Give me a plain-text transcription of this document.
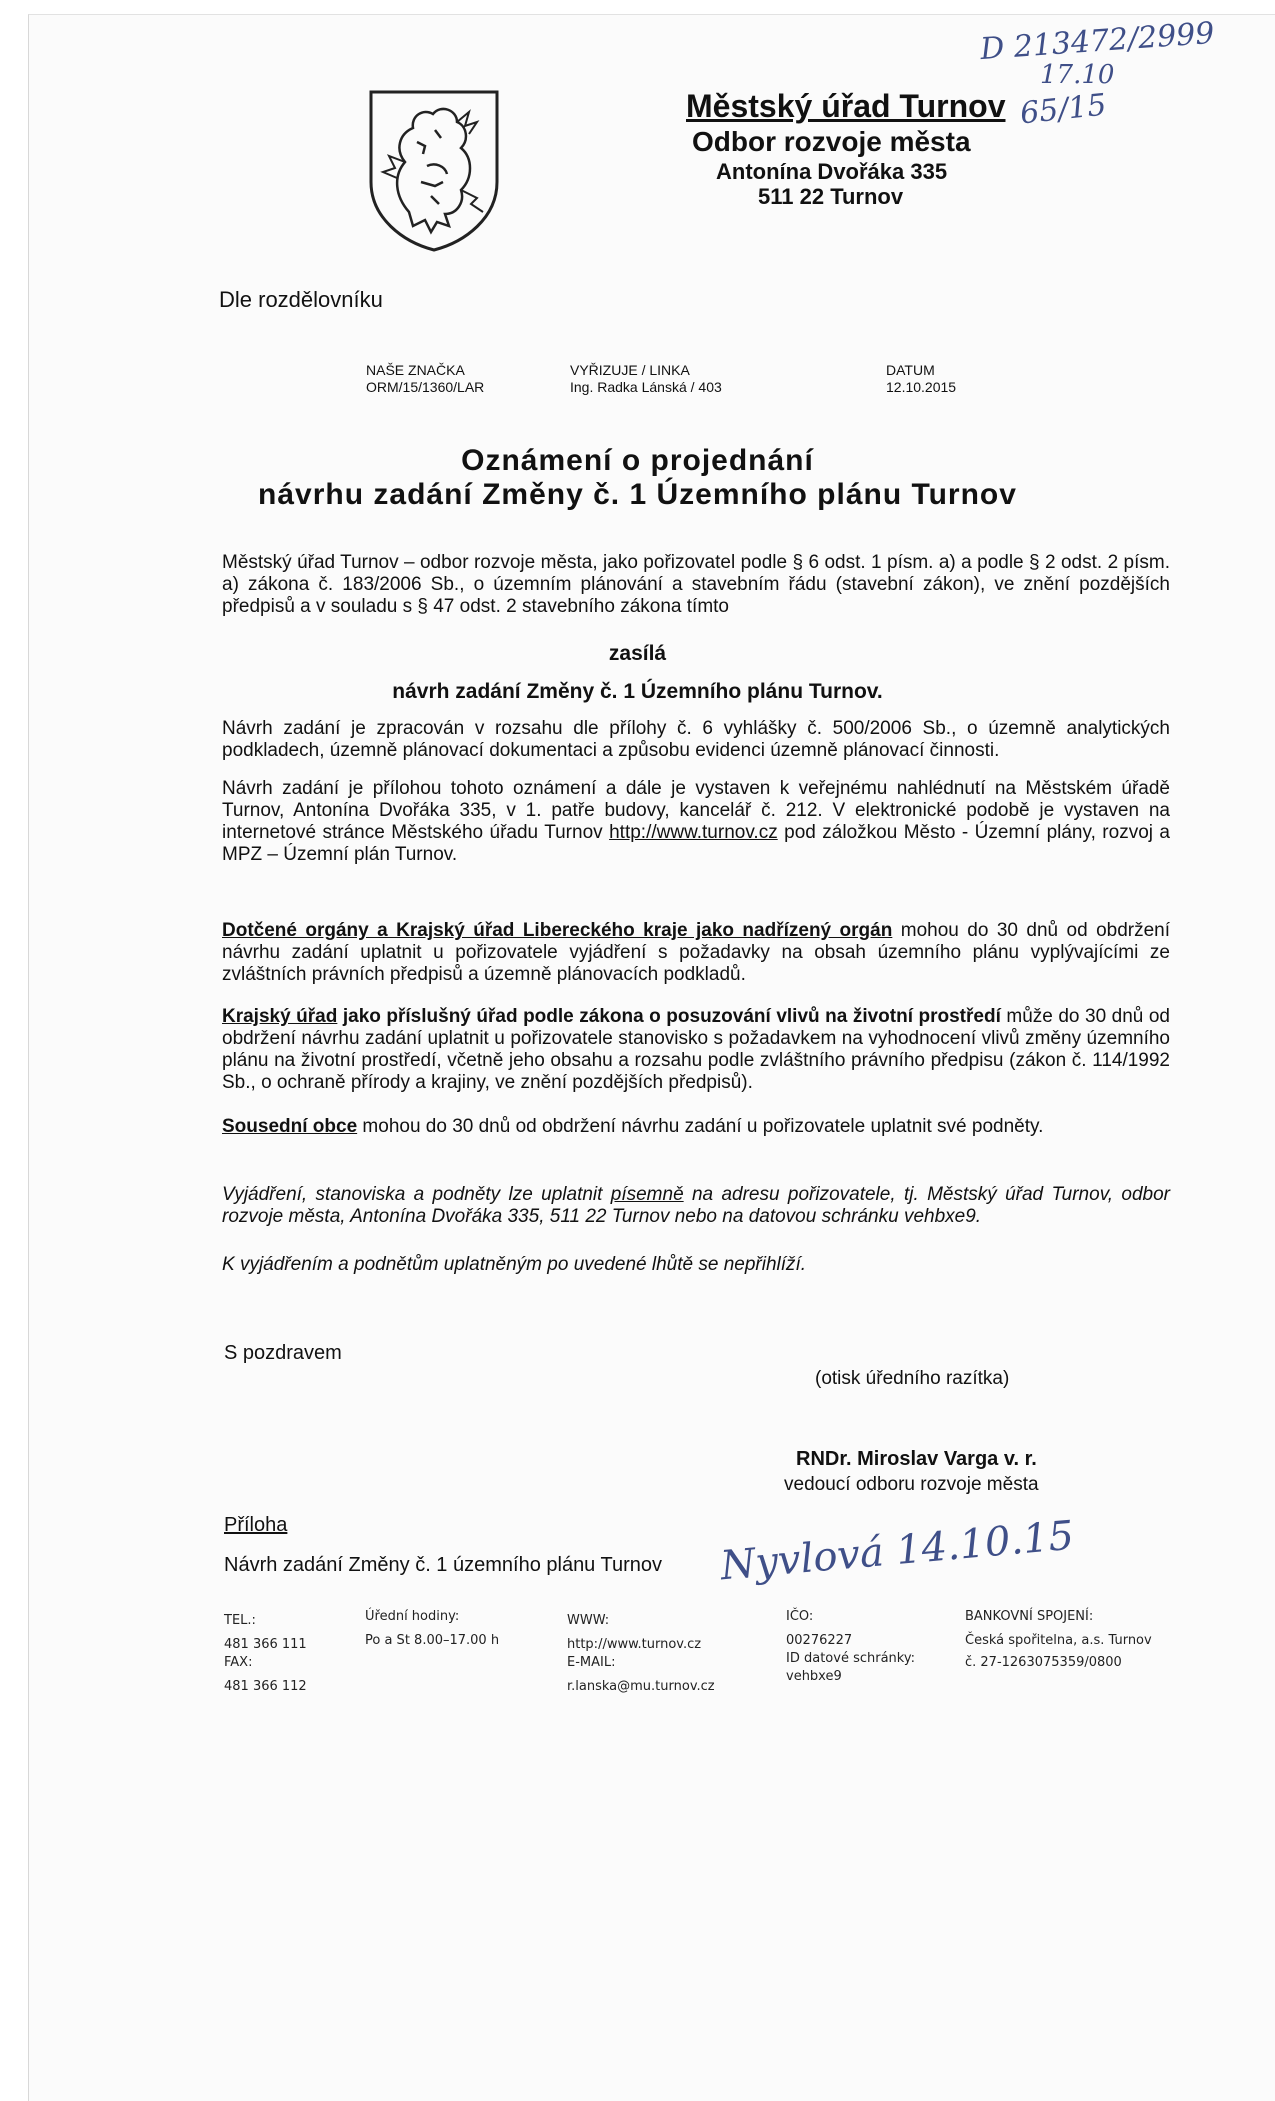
D 213472/2999
17.10
65/15
Městský úřad Turnov
Odbor rozvoje města
Antonína Dvořáka 335
511 22 Turnov
Dle rozdělovníku
NAŠE ZNAČKA
ORM/15/1360/LAR
VYŘIZUJE / LINKA
Ing. Radka Lánská / 403
DATUM
12.10.2015
Oznámení o projednání
návrhu zadání Změny č. 1 Územního plánu Turnov
Městský úřad Turnov – odbor rozvoje města, jako pořizovatel podle § 6 odst. 1 písm. a) a podle § 2 odst. 2 písm. a) zákona č. 183/2006 Sb., o územním plánování a stavebním řádu (stavební zákon), ve znění pozdějších předpisů a v souladu s § 47 odst. 2 stavebního zákona tímto
zasílá
návrh zadání Změny č. 1 Územního plánu Turnov.
Návrh zadání je zpracován v rozsahu dle přílohy č. 6 vyhlášky č. 500/2006 Sb., o územně analytických podkladech, územně plánovací dokumentaci a způsobu evidenci územně plánovací činnosti.
Návrh zadání je přílohou tohoto oznámení a dále je vystaven k veřejnému nahlédnutí na Městském úřadě Turnov, Antonína Dvořáka 335, v 1. patře budovy, kancelář č. 212. V elektronické podobě je vystaven na internetové stránce Městského úřadu Turnov http://www.turnov.cz pod záložkou Město - Územní plány, rozvoj a MPZ – Územní plán Turnov.
Dotčené orgány a Krajský úřad Libereckého kraje jako nadřízený orgán mohou do 30 dnů od obdržení návrhu zadání uplatnit u pořizovatele vyjádření s požadavky na obsah územního plánu vyplývajícími ze zvláštních právních předpisů a územně plánovacích podkladů.
Krajský úřad jako příslušný úřad podle zákona o posuzování vlivů na životní prostředí může do 30 dnů od obdržení návrhu zadání uplatnit u pořizovatele stanovisko s požadavkem na vyhodnocení vlivů změny územního plánu na životní prostředí, včetně jeho obsahu a rozsahu podle zvláštního právního předpisu (zákon č. 114/1992 Sb., o ochraně přírody a krajiny, ve znění pozdějších předpisů).
Sousední obce mohou do 30 dnů od obdržení návrhu zadání u pořizovatele uplatnit své podněty.
Vyjádření, stanoviska a podněty lze uplatnit písemně na adresu pořizovatele, tj. Městský úřad Turnov, odbor rozvoje města, Antonína Dvořáka 335, 511 22 Turnov nebo na datovou schránku vehbxe9.
K vyjádřením a podnětům uplatněným po uvedené lhůtě se nepřihlíží.
S pozdravem
(otisk úředního razítka)
RNDr. Miroslav Varga v. r.
vedoucí odboru rozvoje města
Příloha
Návrh zadání Změny č. 1 územního plánu Turnov Nyvlová 14.10.15
TEL.:
481 366 111
FAX:
481 366 112
Úřední hodiny:
Po a St 8.00–17.00 h
WWW:
http://www.turnov.cz
E-MAIL:
r.lanska@mu.turnov.cz
IČO:
00276227
ID datové schránky:
vehbxe9
BANKOVNÍ SPOJENÍ:
Česká spořitelna, a.s. Turnov
č. 27-1263075359/0800
